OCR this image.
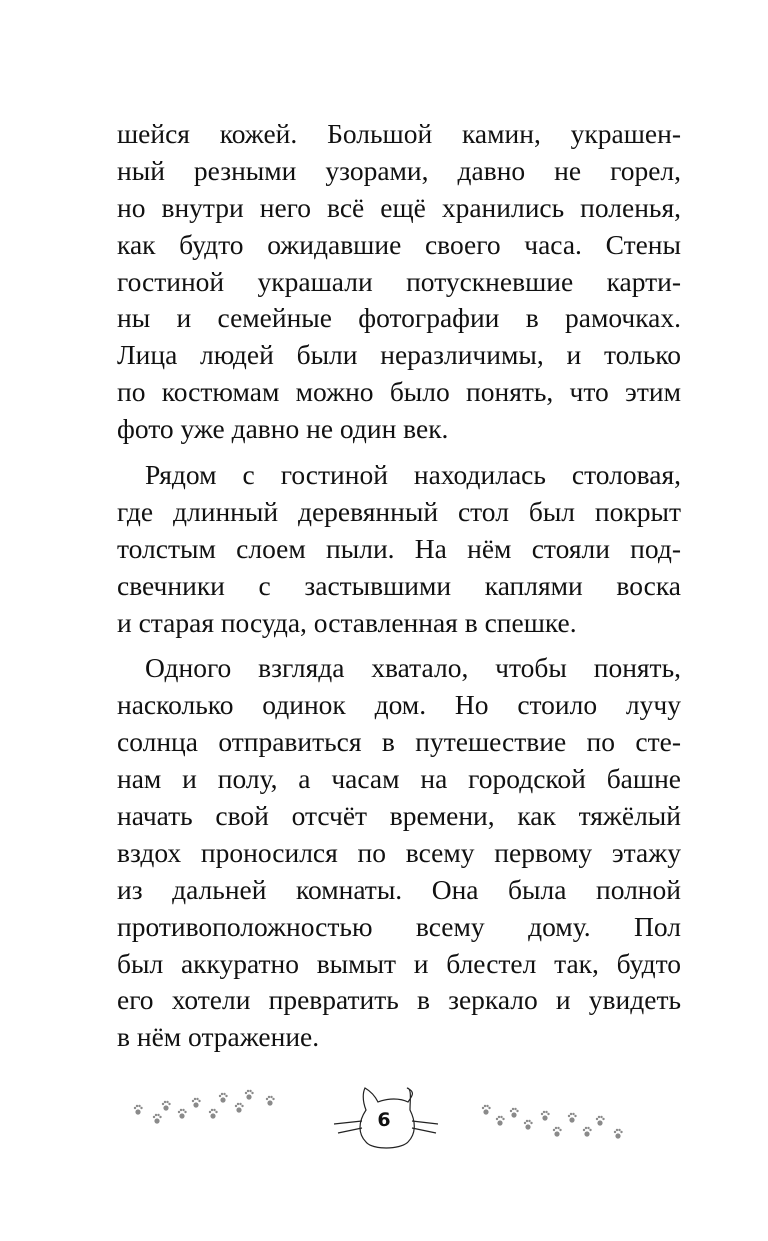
шейся кожей. Большой камин, украшен-
ный резными узорами, давно не горел,
но внутри него всё ещё хранились поленья,
как будто ожидавшие своего часа. Стены
гостиной украшали потускневшие карти-
ны и семейные фотографии в рамочках.
Лица людей были неразличимы, и только
по костюмам можно было понять, что этим
фото уже давно не один век.
Рядом с гостиной находилась столовая,
где длинный деревянный стол был покрыт
толстым слоем пыли. На нём стояли под-
свечники с застывшими каплями воска
и старая посуда, оставленная в спешке.
Одного взгляда хватало, чтобы понять,
насколько одинок дом. Но стоило лучу
солнца отправиться в путешествие по сте-
нам и полу, а часам на городской башне
начать свой отсчёт времени, как тяжёлый
вздох проносился по всему первому этажу
из дальней комнаты. Она была полной
противоположностью всему дому. Пол
был аккуратно вымыт и блестел так, будто
его хотели превратить в зеркало и увидеть
в нём отражение.
6
